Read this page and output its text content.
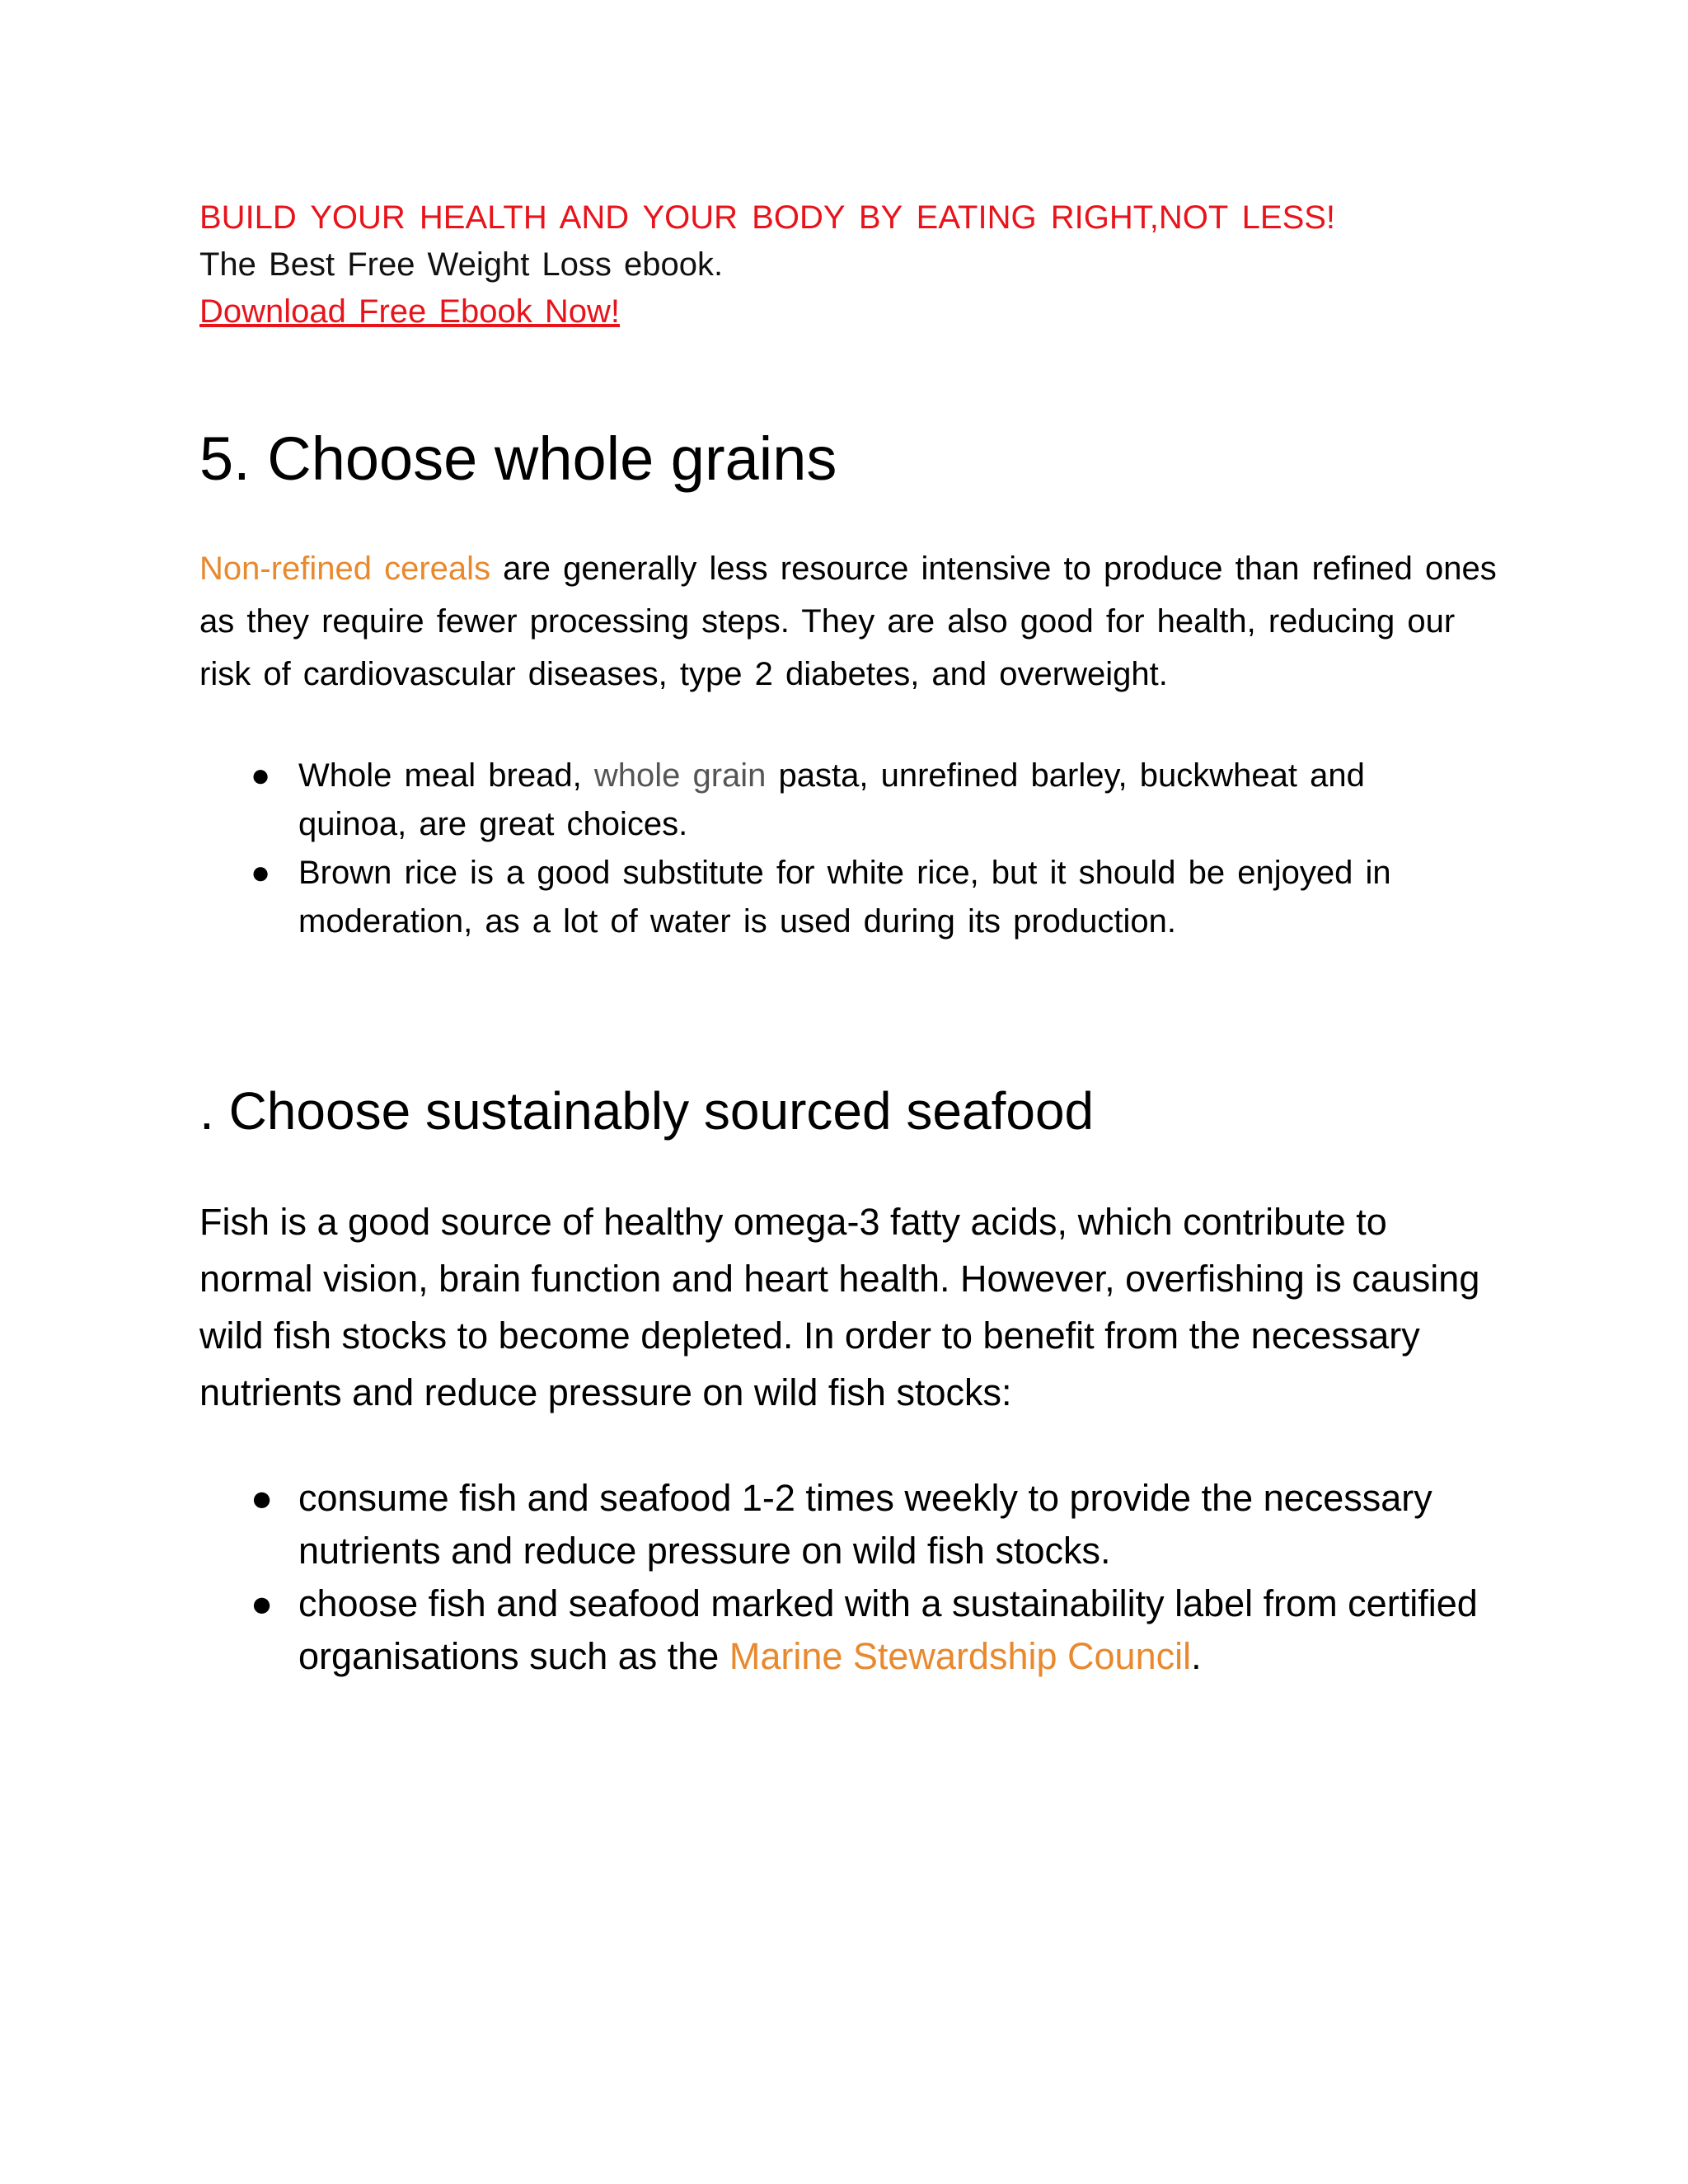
BUILD YOUR HEALTH AND YOUR BODY BY EATING RIGHT,NOT LESS!
The Best Free Weight Loss ebook.
Download Free Ebook Now!
5. Choose whole grains
Non-refined cereals are generally less resource intensive to produce than refined ones as they require fewer processing steps. They are also good for health, reducing our risk of cardiovascular diseases, type 2 diabetes, and overweight.
● Whole meal bread, whole grain pasta, unrefined barley, buckwheat and quinoa, are great choices.
● Brown rice is a good substitute for white rice, but it should be enjoyed in moderation, as a lot of water is used during its production.
. Choose sustainably sourced seafood
Fish is a good source of healthy omega-3 fatty acids, which contribute to normal vision, brain function and heart health. However, overfishing is causing wild fish stocks to become depleted. In order to benefit from the necessary nutrients and reduce pressure on wild fish stocks:
● consume fish and seafood 1-2 times weekly to provide the necessary nutrients and reduce pressure on wild fish stocks.
● choose fish and seafood marked with a sustainability label from certified organisations such as the Marine Stewardship Council.
